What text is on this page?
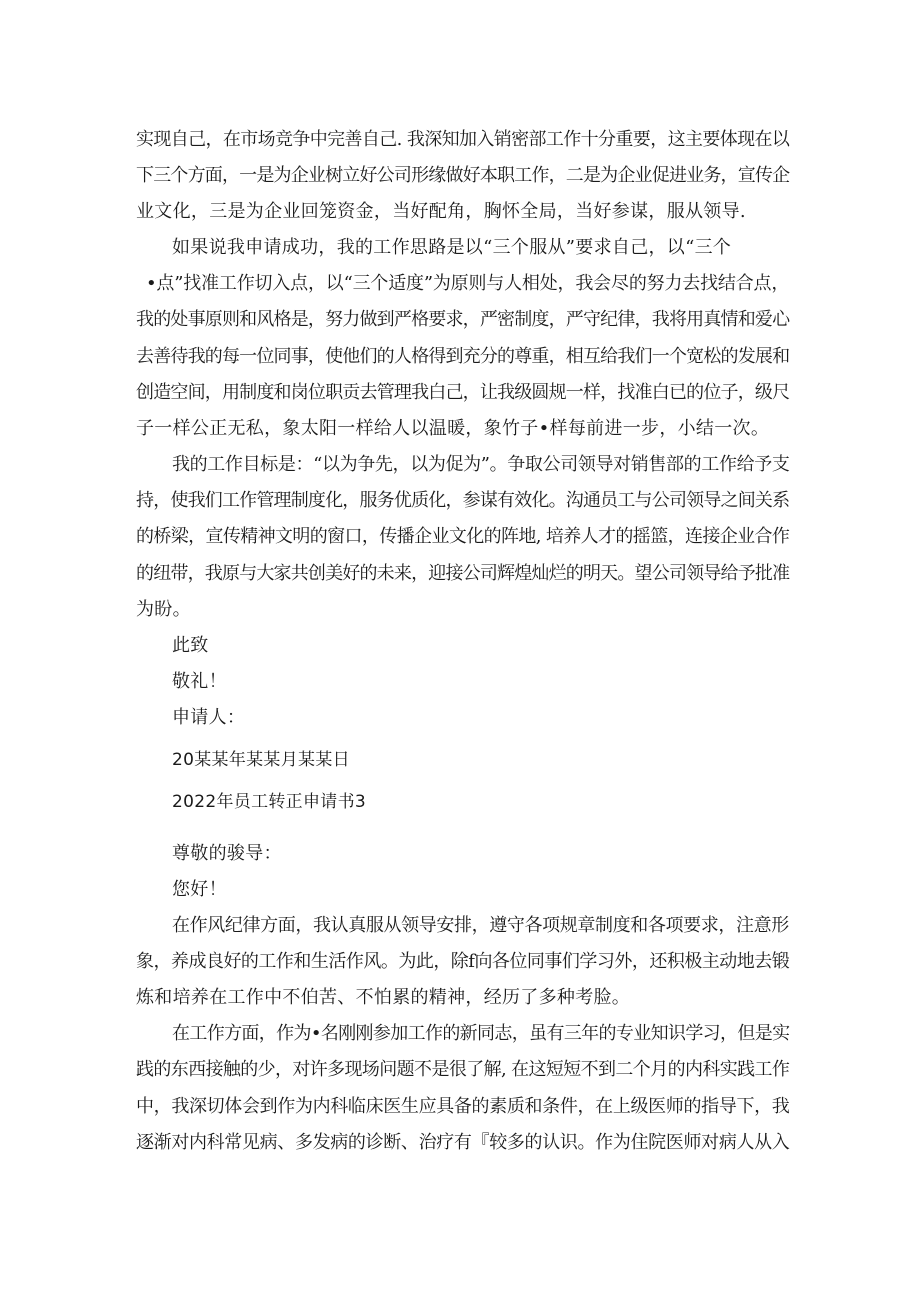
实现自己，在市场竞争中完善自己. 我深知加入销密部工作十分重要，这主要体现在以
下三个方面，一是为企业树立好公司形缘做好本职工作，二是为企业促进业务，宣传企
业文化，三是为企业回笼资金，当好配角，胸怀全局，当好参谋，服从领导.
如果说我申请成功，我的工作思路是以“三个服从”要求自己，以“三个
•点”找准工作切入点，以“三个适度”为原则与人相处，我会尽的努力去找结合点，
我的处事原则和风格是，努力做到严格要求，严密制度，严守纪律，我将用真情和爱心
去善待我的每一位同事，使他们的人格得到充分的尊重，相互给我们一个宽松的发展和
创造空间，用制度和岗位职贡去管理我白己，让我级圆规一样，找准白已的位子，级尺
子一样公正无私，象太阳一样给人以温暖，象竹子•样每前进一步，小结一次。
我的工作目标是：“以为争先，以为促为”。争取公司领导对销售部的工作给予支
持，使我们工作管理制度化，服务优质化，参谋有效化。沟通员工与公司领导之间关系
的桥梁，宣传精神文明的窗口，传播企业文化的阵地, 培养人才的摇篮，连接企业合作
的纽带，我原与大家共创美好的未来，迎接公司辉煌灿烂的明天。望公司领导给予批准
为盼。
此致
敬礼！
申请人：
20某某年某某月某某日
2022年员工转正申请书3
尊敬的骏导：
您好！
在作风纪律方面，我认真服从领导安排，遵守各项规章制度和各项要求，注意形
象，养成良好的工作和生活作风。为此，除f向各位同事们学习外，还积极主动地去锻
炼和培养在工作中不伯苦、不怕累的精神，经历了多种考脸。
在工作方面，作为•名刚刚参加工作的新同志，虽有三年的专业知识学习，但是实
践的东西接触的少，对许多现场问题不是很了解, 在这短短不到二个月的内科实践工作
中，我深切体会到作为内科临床医生应具备的素质和条件，在上级医师的指导下，我
逐渐对内科常见病、多发病的诊断、治疗有『较多的认识。作为住院医师对病人从入
